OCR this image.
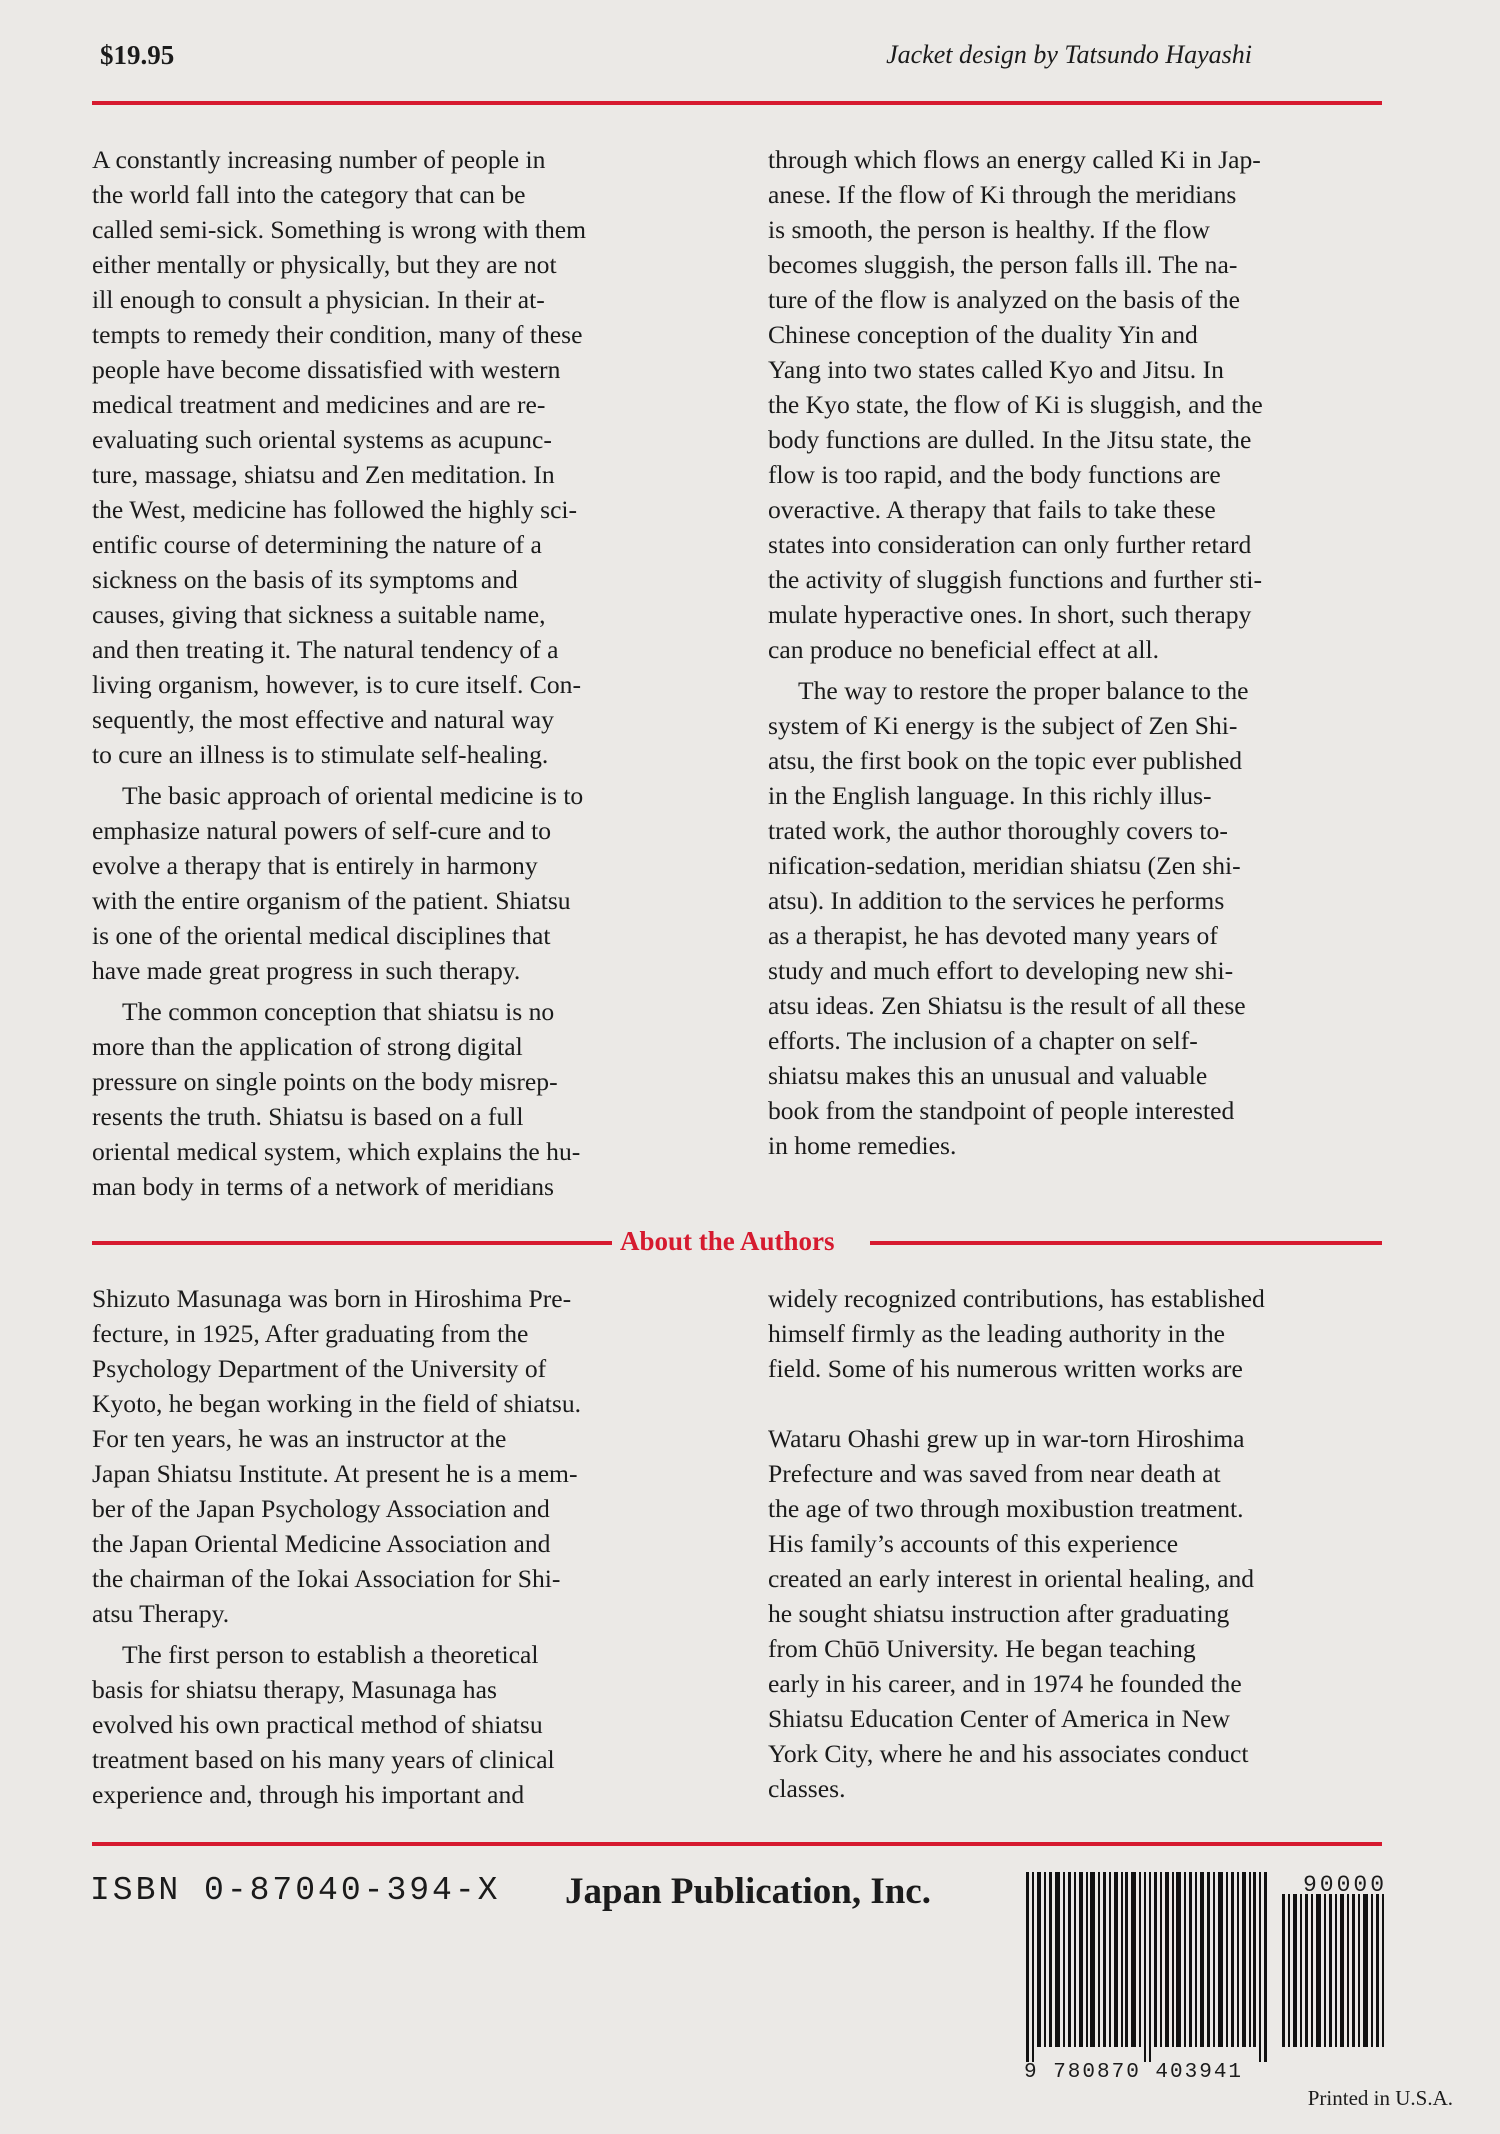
$19.95	Jacket design by Tatsundo Hayashi

A constantly increasing number of people in
the world fall into the category that can be
called semi-sick. Something is wrong with them
either mentally or physically, but they are not
ill enough to consult a physician. In their at-
tempts to remedy their condition, many of these
people have become dissatisfied with western
medical treatment and medicines and are re-
evaluating such oriental systems as acupunc-
ture, massage, shiatsu and Zen meditation. In
the West, medicine has followed the highly sci-
entific course of determining the nature of a
sickness on the basis of its symptoms and
causes, giving that sickness a suitable name,
and then treating it. The natural tendency of a
living organism, however, is to cure itself. Con-
sequently, the most effective and natural way
to cure an illness is to stimulate self-healing.

The basic approach of oriental medicine is to
emphasize natural powers of self-cure and to
evolve a therapy that is entirely in harmony
with the entire organism of the patient. Shiatsu
is one of the oriental medical disciplines that
have made great progress in such therapy.

The common conception that shiatsu is no
more than the application of strong digital
pressure on single points on the body misrep-
resents the truth. Shiatsu is based on a full
oriental medical system, which explains the hu-
man body in terms of a network of meridians

through which flows an energy called Ki in Jap-
anese. If the flow of Ki through the meridians
is smooth, the person is healthy. If the flow
becomes sluggish, the person falls ill. The na-
ture of the flow is analyzed on the basis of the
Chinese conception of the duality Yin and
Yang into two states called Kyo and Jitsu. In
the Kyo state, the flow of Ki is sluggish, and the
body functions are dulled. In the Jitsu state, the
flow is too rapid, and the body functions are
overactive. A therapy that fails to take these
states into consideration can only further retard
the activity of sluggish functions and further sti-
mulate hyperactive ones. In short, such therapy
can produce no beneficial effect at all.

The way to restore the proper balance to the
system of Ki energy is the subject of Zen Shi-
atsu, the first book on the topic ever published
in the English language. In this richly illus-
trated work, the author thoroughly covers to-
nification-sedation, meridian shiatsu (Zen shi-
atsu). In addition to the services he performs
as a therapist, he has devoted many years of
study and much effort to developing new shi-
atsu ideas. Zen Shiatsu is the result of all these
efforts. The inclusion of a chapter on self-
shiatsu makes this an unusual and valuable
book from the standpoint of people interested
in home remedies.

About the Authors

Shizuto Masunaga was born in Hiroshima Pre-
fecture, in 1925, After graduating from the
Psychology Department of the University of
Kyoto, he began working in the field of shiatsu.
For ten years, he was an instructor at the
Japan Shiatsu Institute. At present he is a mem-
ber of the Japan Psychology Association and
the Japan Oriental Medicine Association and
the chairman of the Iokai Association for Shi-
atsu Therapy.

The first person to establish a theoretical
basis for shiatsu therapy, Masunaga has
evolved his own practical method of shiatsu
treatment based on his many years of clinical
experience and, through his important and

widely recognized contributions, has established
himself firmly as the leading authority in the
field. Some of his numerous written works are

Wataru Ohashi grew up in war-torn Hiroshima
Prefecture and was saved from near death at
the age of two through moxibustion treatment.
His family’s accounts of this experience
created an early interest in oriental healing, and
he sought shiatsu instruction after graduating
from Chūō University. He began teaching
early in his career, and in 1974 he founded the
Shiatsu Education Center of America in New
York City, where he and his associates conduct
classes.

ISBN 0-87040-394-X Japan Publication, Inc.	90000
9 780870 403941
Printed in U.S.A.
